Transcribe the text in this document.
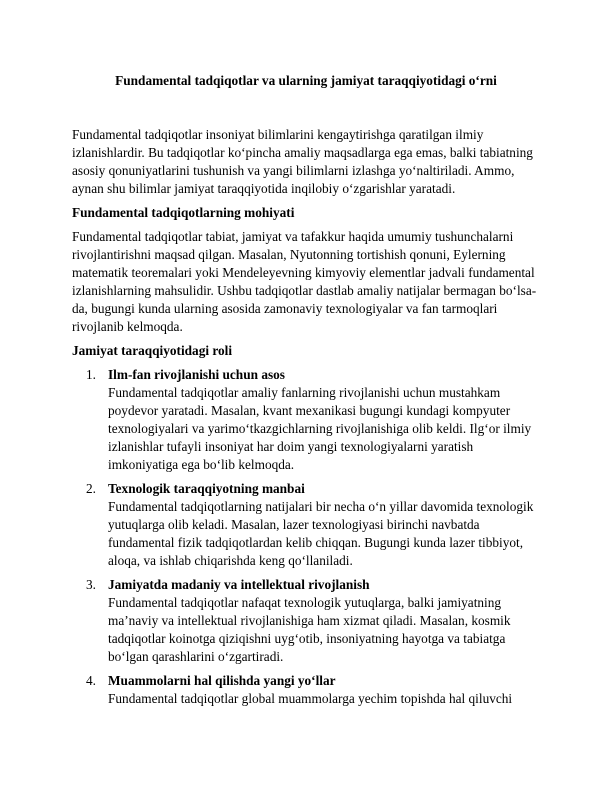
Fundamental tadqiqotlar va ularning jamiyat taraqqiyotidagi o‘rni

Fundamental tadqiqotlar insoniyat bilimlarini kengaytirishga qaratilgan ilmiy izlanishlardir. Bu tadqiqotlar ko‘pincha amaliy maqsadlarga ega emas, balki tabiatning asosiy qonuniyatlarini tushunish va yangi bilimlarni izlashga yo‘naltiriladi. Ammo, aynan shu bilimlar jamiyat taraqqiyotida inqilobiy o‘zgarishlar yaratadi.

Fundamental tadqiqotlarning mohiyati

Fundamental tadqiqotlar tabiat, jamiyat va tafakkur haqida umumiy tushunchalarni rivojlantirishni maqsad qilgan. Masalan, Nyutonning tortishish qonuni, Eylerning matematik teoremalari yoki Mendeleyevning kimyoviy elementlar jadvali fundamental izlanishlarning mahsulidir. Ushbu tadqiqotlar dastlab amaliy natijalar bermagan bo‘lsa-da, bugungi kunda ularning asosida zamonaviy texnologiyalar va fan tarmoqlari rivojlanib kelmoqda.

Jamiyat taraqqiyotidagi roli
1. Ilm-fan rivojlanishi uchun asos
Fundamental tadqiqotlar amaliy fanlarning rivojlanishi uchun mustahkam poydevor yaratadi. Masalan, kvant mexanikasi bugungi kundagi kompyuter texnologiyalari va yarimo‘tkazgichlarning rivojlanishiga olib keldi. Ilg‘or ilmiy izlanishlar tufayli insoniyat har doim yangi texnologiyalarni yaratish imkoniyatiga ega bo‘lib kelmoqda.
2. Texnologik taraqqiyotning manbai
Fundamental tadqiqotlarning natijalari bir necha o‘n yillar davomida texnologik yutuqlarga olib keladi. Masalan, lazer texnologiyasi birinchi navbatda fundamental fizik tadqiqotlardan kelib chiqqan. Bugungi kunda lazer tibbiyot, aloqa, va ishlab chiqarishda keng qo‘llaniladi.
3. Jamiyatda madaniy va intellektual rivojlanish
Fundamental tadqiqotlar nafaqat texnologik yutuqlarga, balki jamiyatning ma’naviy va intellektual rivojlanishiga ham xizmat qiladi. Masalan, kosmik tadqiqotlar koinotga qiziqishni uyg‘otib, insoniyatning hayotga va tabiatga bo‘lgan qarashlarini o‘zgartiradi.
4. Muammolarni hal qilishda yangi yo‘llar
Fundamental tadqiqotlar global muammolarga yechim topishda hal qiluvchi
